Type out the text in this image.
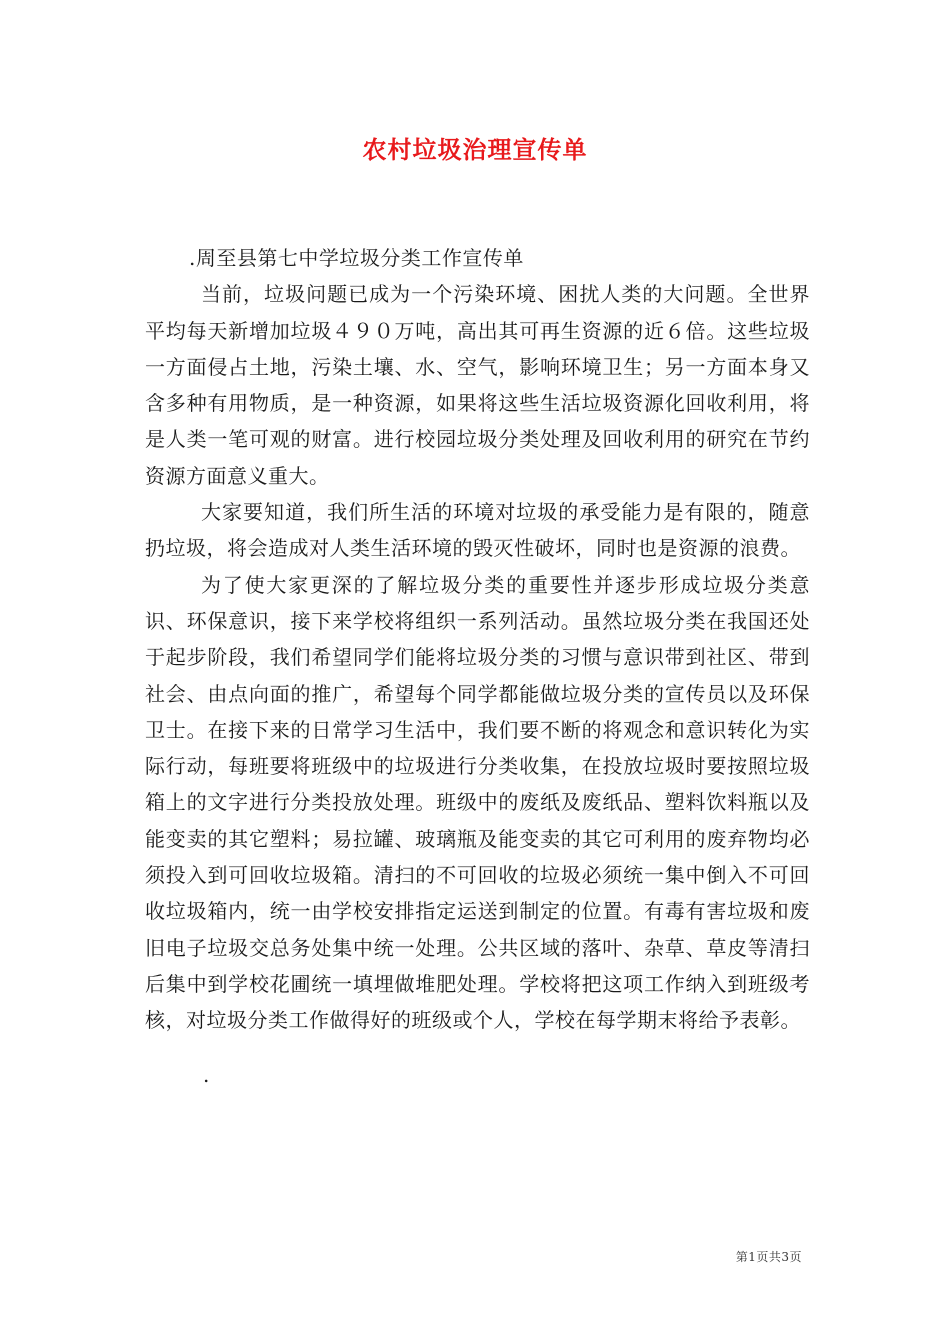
农村垃圾治理宣传单

.周至县第七中学垃圾分类工作宣传单

当前，垃圾问题已成为一个污染环境、困扰人类的大问题。全世界平均每天新增加垃圾４９０万吨，高出其可再生资源的近６倍。这些垃圾一方面侵占土地，污染土壤、水、空气，影响环境卫生；另一方面本身又含多种有用物质，是一种资源，如果将这些生活垃圾资源化回收利用，将是人类一笔可观的财富。进行校园垃圾分类处理及回收利用的研究在节约资源方面意义重大。

大家要知道，我们所生活的环境对垃圾的承受能力是有限的，随意扔垃圾，将会造成对人类生活环境的毁灭性破坏，同时也是资源的浪费。

为了使大家更深的了解垃圾分类的重要性并逐步形成垃圾分类意识、环保意识，接下来学校将组织一系列活动。虽然垃圾分类在我国还处于起步阶段，我们希望同学们能将垃圾分类的习惯与意识带到社区、带到社会、由点向面的推广，希望每个同学都能做垃圾分类的宣传员以及环保卫士。在接下来的日常学习生活中，我们要不断的将观念和意识转化为实际行动，每班要将班级中的垃圾进行分类收集，在投放垃圾时要按照垃圾箱上的文字进行分类投放处理。班级中的废纸及废纸品、塑料饮料瓶以及能变卖的其它塑料；易拉罐、玻璃瓶及能变卖的其它可利用的废弃物均必须投入到可回收垃圾箱。清扫的不可回收的垃圾必须统一集中倒入不可回收垃圾箱内，统一由学校安排指定运送到制定的位置。有毒有害垃圾和废旧电子垃圾交总务处集中统一处理。公共区域的落叶、杂草、草皮等清扫后集中到学校花圃统一填埋做堆肥处理。学校将把这项工作纳入到班级考核，对垃圾分类工作做得好的班级或个人，学校在每学期末将给予表彰。

.

第1页共3页
